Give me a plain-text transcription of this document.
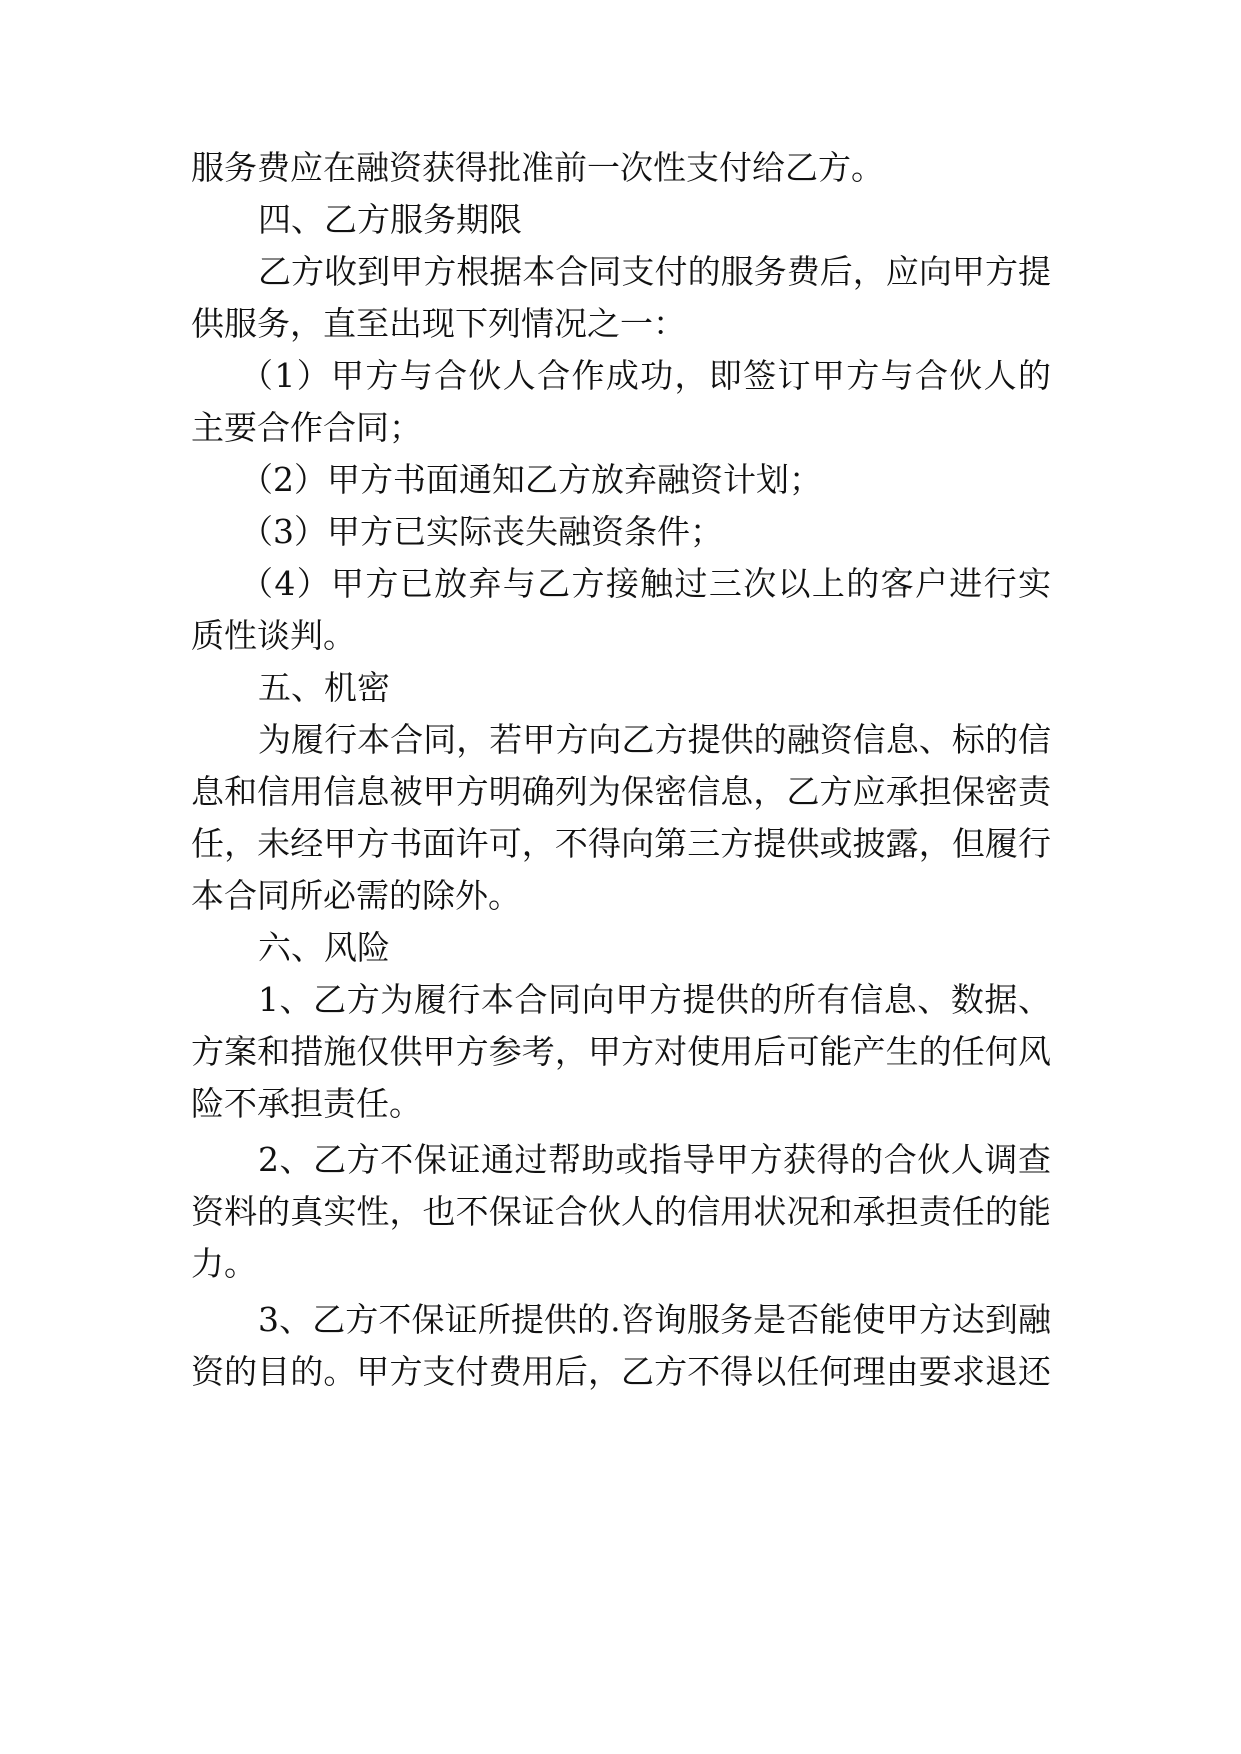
服务费应在融资获得批准前一次性支付给乙方。
四、乙方服务期限
乙方收到甲方根据本合同支付的服务费后，应向甲方提
供服务，直至出现下列情况之一：
（1）甲方与合伙人合作成功，即签订甲方与合伙人的
主要合作合同；
（2）甲方书面通知乙方放弃融资计划；
（3）甲方已实际丧失融资条件；
（4）甲方已放弃与乙方接触过三次以上的客户进行实
质性谈判。
五、机密
为履行本合同，若甲方向乙方提供的融资信息、标的信
息和信用信息被甲方明确列为保密信息，乙方应承担保密责
任，未经甲方书面许可，不得向第三方提供或披露，但履行
本合同所必需的除外。
六、风险
1、乙方为履行本合同向甲方提供的所有信息、数据、
方案和措施仅供甲方参考，甲方对使用后可能产生的任何风
险不承担责任。
2、乙方不保证通过帮助或指导甲方获得的合伙人调查
资料的真实性，也不保证合伙人的信用状况和承担责任的能
力。
3、乙方不保证所提供的.咨询服务是否能使甲方达到融
资的目的。甲方支付费用后，乙方不得以任何理由要求退还
